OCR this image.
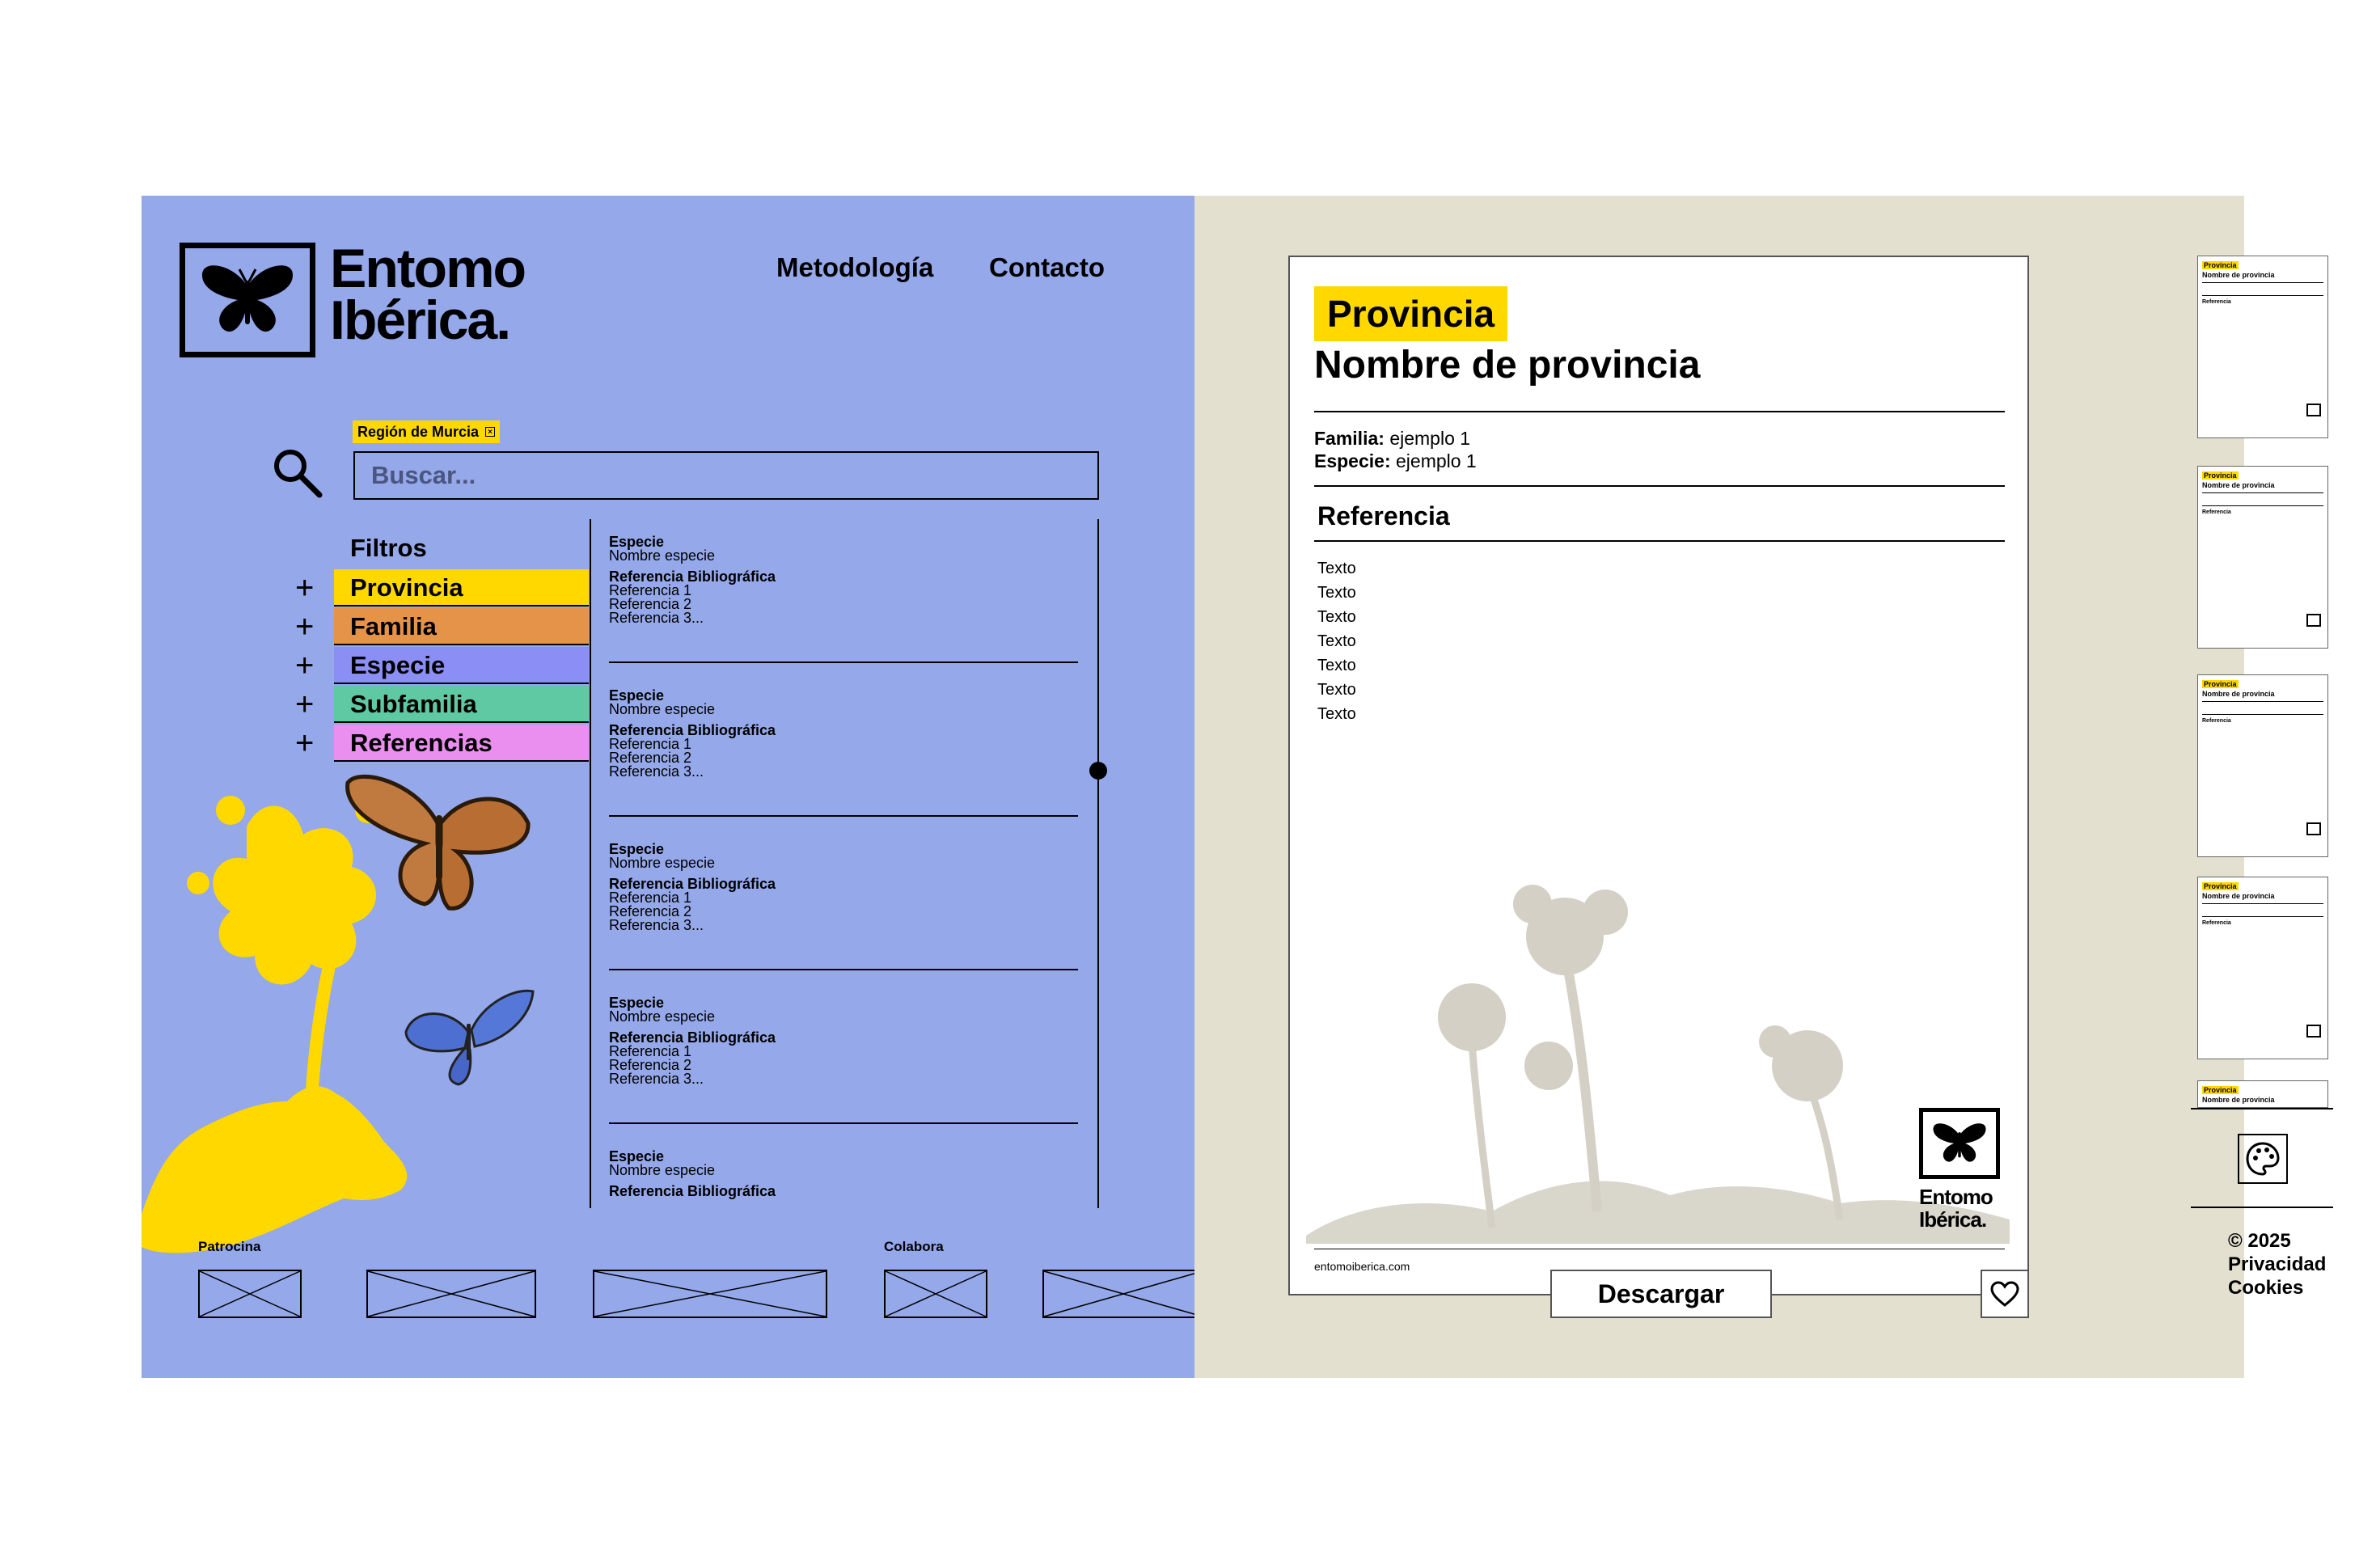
Entomo
Ibérica.
Metodología Contacto
Región de Murcia	×
Buscar...
Filtros
+	Provincia
+	Familia
+	Especie
+	Subfamilia
+	Referencias
Especie
Nombre especie
Referencia Bibliográfica
Referencia 1
Referencia 2
Referencia 3...
Especie
Nombre especie
Referencia Bibliográfica
Referencia 1
Referencia 2
Referencia 3...
Especie
Nombre especie
Referencia Bibliográfica
Referencia 1
Referencia 2
Referencia 3...
Especie
Nombre especie
Referencia Bibliográfica
Referencia 1
Referencia 2
Referencia 3...
Especie
Nombre especie
Referencia Bibliográfica
Patrocina	Colabora
Provincia
Nombre de provincia
Familia: ejemplo 1
Especie: ejemplo 1
Referencia
Texto
Texto
Texto
Texto
Texto
Texto
Texto
Entomo
Ibérica.
entomoiberica.com
Descargar
Provincia
Nombre de provincia
Referencia
Provincia
Nombre de provincia
Referencia
Provincia
Nombre de provincia
Referencia
Provincia
Nombre de provincia
Referencia
Provincia
Nombre de provincia
© 2025
Privacidad
Cookies
